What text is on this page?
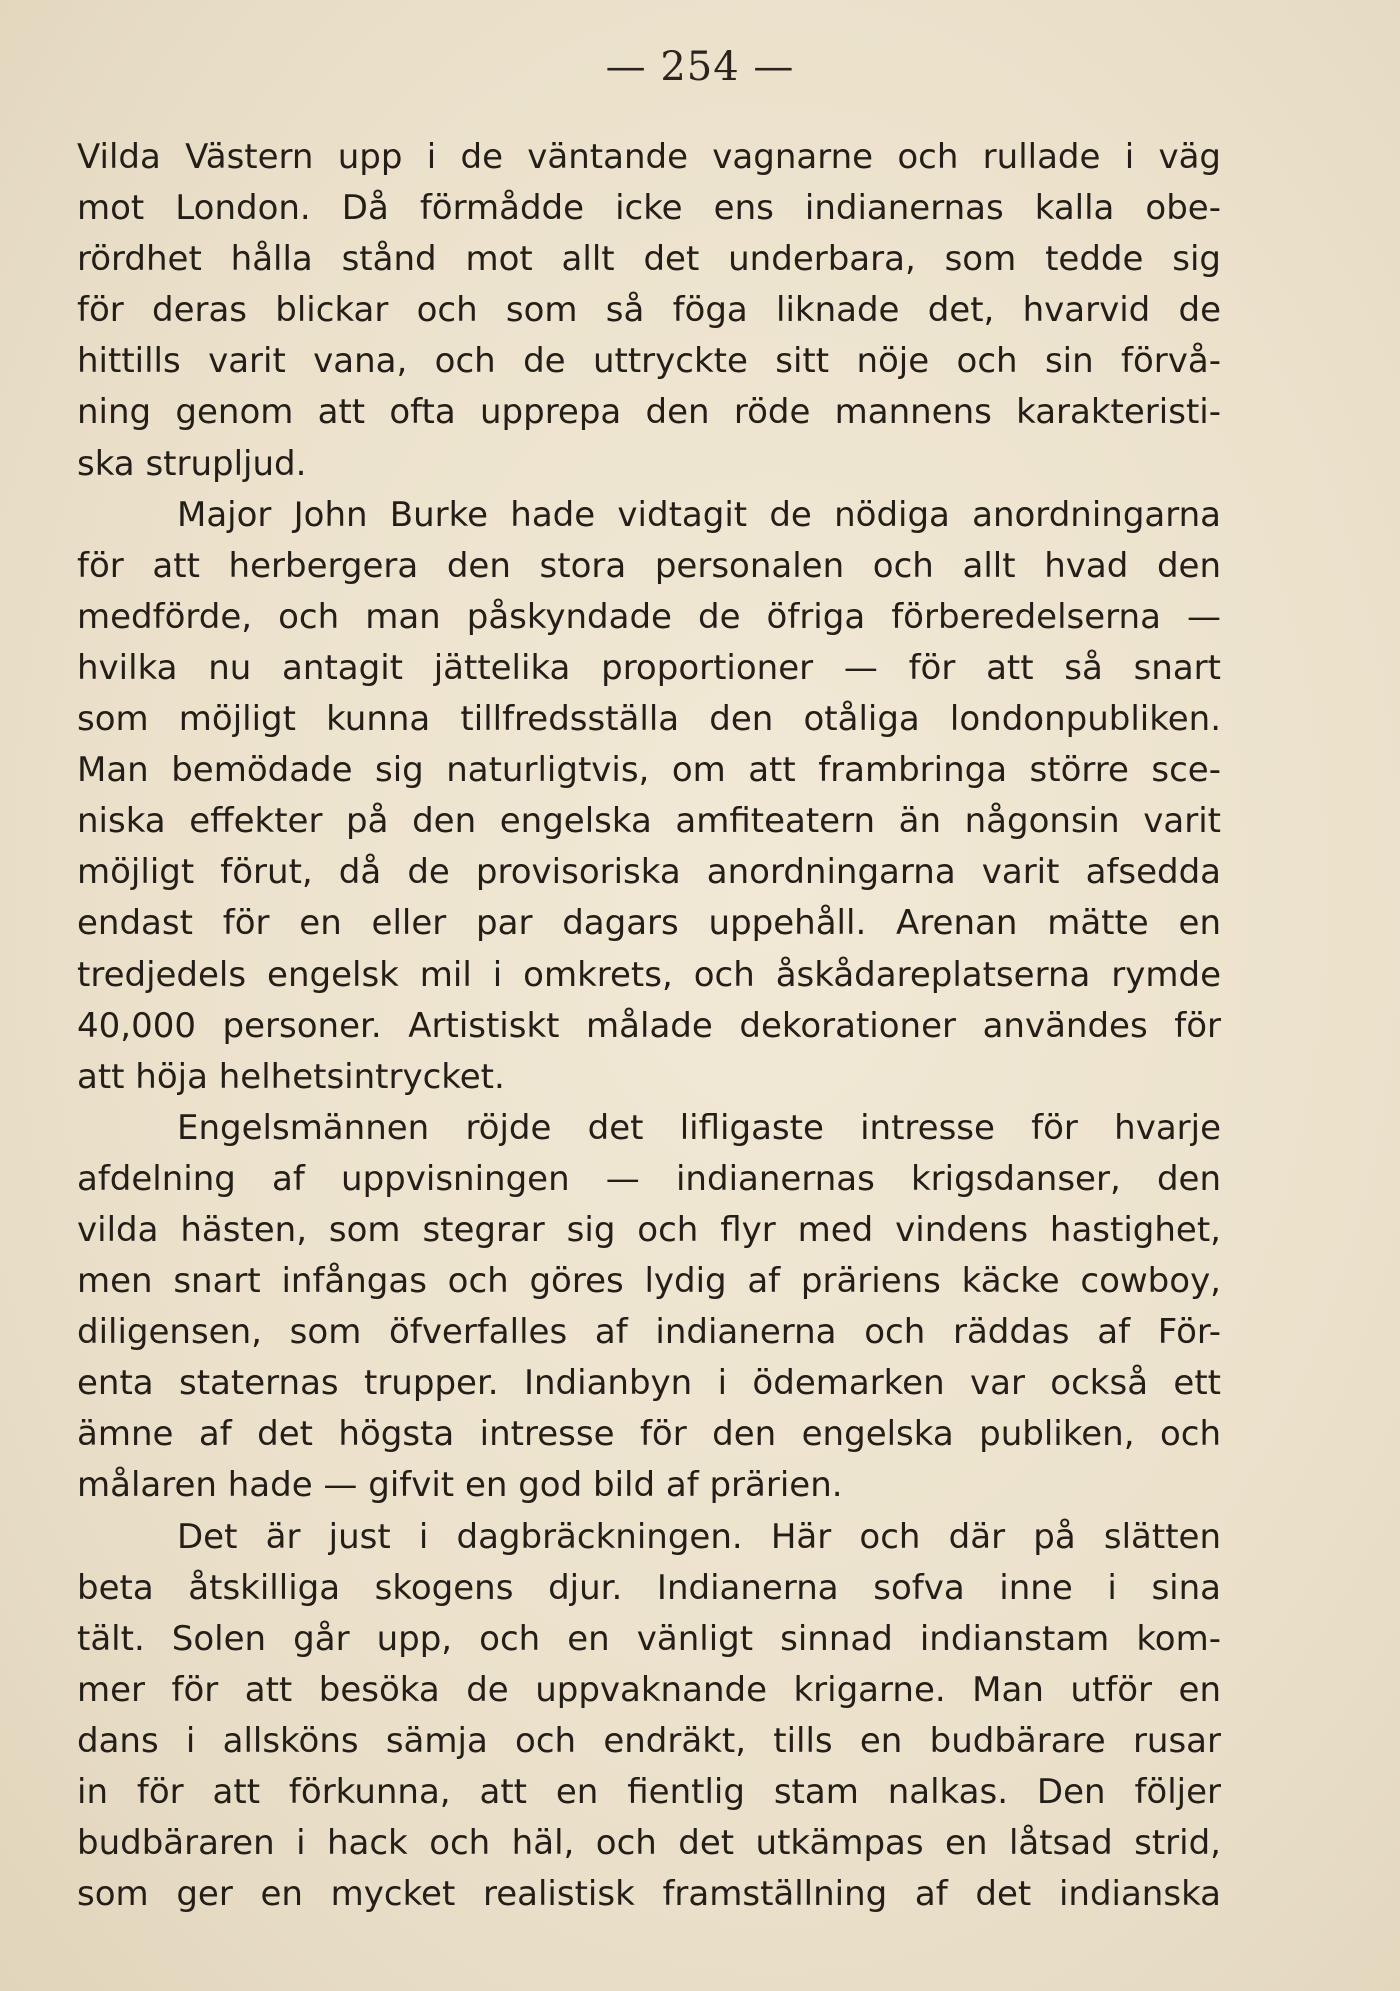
— 254 —
Vilda Västern upp i de väntande vagnarne och rullade i väg
mot London. Då förmådde icke ens indianernas kalla obe-
rördhet hålla stånd mot allt det underbara, som tedde sig
för deras blickar och som så föga liknade det, hvarvid de
hittills varit vana, och de uttryckte sitt nöje och sin förvå-
ning genom att ofta upprepa den röde mannens karakteristi-
ska strupljud.
Major John Burke hade vidtagit de nödiga anordningarna
för att herbergera den stora personalen och allt hvad den
medförde, och man påskyndade de öfriga förberedelserna —
hvilka nu antagit jättelika proportioner — för att så snart
som möjligt kunna tillfredsställa den otåliga londonpubliken.
Man bemödade sig naturligtvis, om att frambringa större sce-
niska effekter på den engelska amfiteatern än någonsin varit
möjligt förut, då de provisoriska anordningarna varit afsedda
endast för en eller par dagars uppehåll. Arenan mätte en
tredjedels engelsk mil i omkrets, och åskådareplatserna rymde
40,000 personer. Artistiskt målade dekorationer användes för
att höja helhetsintrycket.
Engelsmännen röjde det lifligaste intresse för hvarje
afdelning af uppvisningen — indianernas krigsdanser, den
vilda hästen, som stegrar sig och flyr med vindens hastighet,
men snart infångas och göres lydig af präriens käcke cowboy,
diligensen, som öfverfalles af indianerna och räddas af För-
enta staternas trupper. Indianbyn i ödemarken var också ett
ämne af det högsta intresse för den engelska publiken, och
målaren hade — gifvit en god bild af prärien.
Det är just i dagbräckningen. Här och där på slätten
beta åtskilliga skogens djur. Indianerna sofva inne i sina
tält. Solen går upp, och en vänligt sinnad indianstam kom-
mer för att besöka de uppvaknande krigarne. Man utför en
dans i allsköns sämja och endräkt, tills en budbärare rusar
in för att förkunna, att en fientlig stam nalkas. Den följer
budbäraren i hack och häl, och det utkämpas en låtsad strid,
som ger en mycket realistisk framställning af det indianska
